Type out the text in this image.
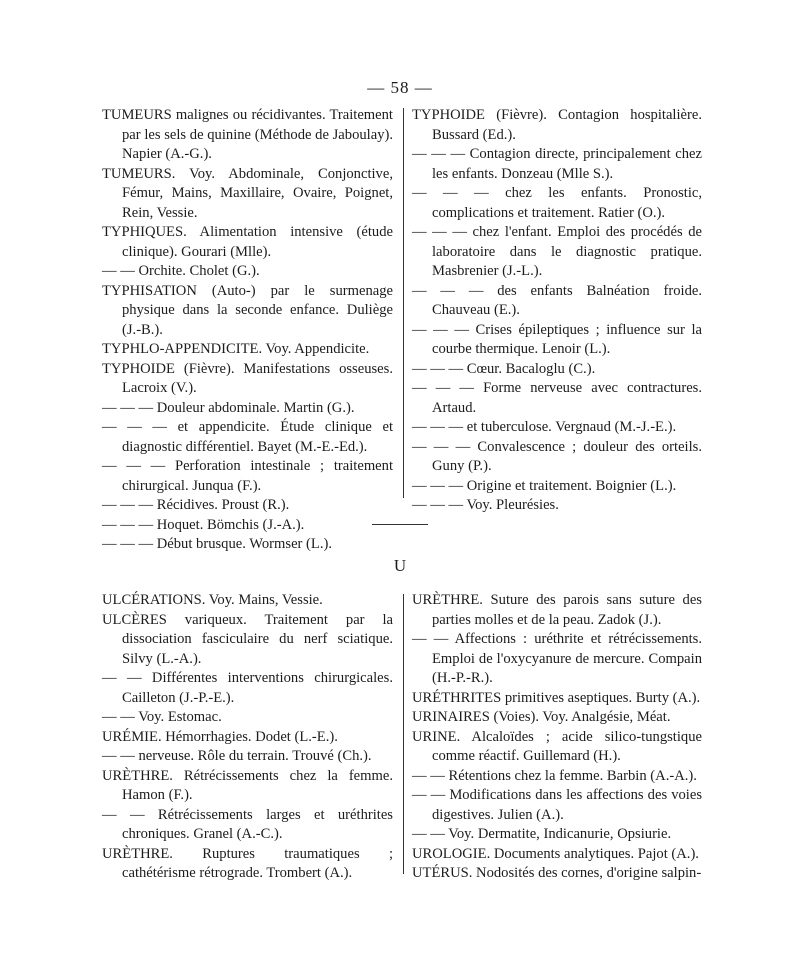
— 58 —
TUMEURS malignes ou récidivantes. Traitement par les sels de quinine (Méthode de Jaboulay). Napier (A.-G.).
TUMEURS. Voy. Abdominale, Conjonctive, Fémur, Mains, Maxillaire, Ovaire, Poignet, Rein, Vessie.
TYPHIQUES. Alimentation intensive (étude clinique). Gourari (Mlle).
— — Orchite. Cholet (G.).
TYPHISATION (Auto-) par le surmenage physique dans la seconde enfance. Duliège (J.-B.).
TYPHLO-APPENDICITE. Voy. Appendicite.
TYPHOIDE (Fièvre). Manifestations osseuses. Lacroix (V.).
— — — Douleur abdominale. Martin (G.).
— — — et appendicite. Étude clinique et diagnostic différentiel. Bayet (M.-E.-Ed.).
— — — Perforation intestinale ; traitement chirurgical. Junqua (F.).
— — — Récidives. Proust (R.).
— — — Hoquet. Bömchis (J.-A.).
— — — Début brusque. Wormser (L.).
TYPHOIDE (Fièvre). Contagion hospitalière. Bussard (Ed.).
— — — Contagion directe, principalement chez les enfants. Donzeau (Mlle S.).
— — — chez les enfants. Pronostic, complications et traitement. Ratier (O.).
— — — chez l'enfant. Emploi des procédés de laboratoire dans le diagnostic pratique. Masbrenier (J.-L.).
— — — des enfants Balnéation froide. Chauveau (E.).
— — — Crises épileptiques ; influence sur la courbe thermique. Lenoir (L.).
— — — Cœur. Bacaloglu (C.).
— — — Forme nerveuse avec contractures. Artaud.
— — — et tuberculose. Vergnaud (M.-J.-E.).
— — — Convalescence ; douleur des orteils. Guny (P.).
— — — Origine et traitement. Boignier (L.).
— — — Voy. Pleurésies.
U
ULCÉRATIONS. Voy. Mains, Vessie.
ULCÈRES variqueux. Traitement par la dissociation fasciculaire du nerf sciatique. Silvy (L.-A.).
— — Différentes interventions chirurgicales. Cailleton (J.-P.-E.).
— — Voy. Estomac.
URÉMIE. Hémorrhagies. Dodet (L.-E.).
— — nerveuse. Rôle du terrain. Trouvé (Ch.).
URÈTHRE. Rétrécissements chez la femme. Hamon (F.).
— — Rétrécissements larges et uréthrites chroniques. Granel (A.-C.).
URÈTHRE. Ruptures traumatiques ; cathétérisme rétrograde. Trombert (A.).
URÈTHRE. Suture des parois sans suture des parties molles et de la peau. Zadok (J.).
— — Affections : uréthrite et rétrécissements. Emploi de l'oxycyanure de mercure. Compain (H.-P.-R.).
URÉTHRITES primitives aseptiques. Burty (A.).
URINAIRES (Voies). Voy. Analgésie, Méat.
URINE. Alcaloïdes ; acide silico-tungstique comme réactif. Guillemard (H.).
— — Rétentions chez la femme. Barbin (A.-A.).
— — Modifications dans les affections des voies digestives. Julien (A.).
— — Voy. Dermatite, Indicanurie, Opsiurie.
UROLOGIE. Documents analytiques. Pajot (A.).
UTÉRUS. Nodosités des cornes, d'origine salpin-
